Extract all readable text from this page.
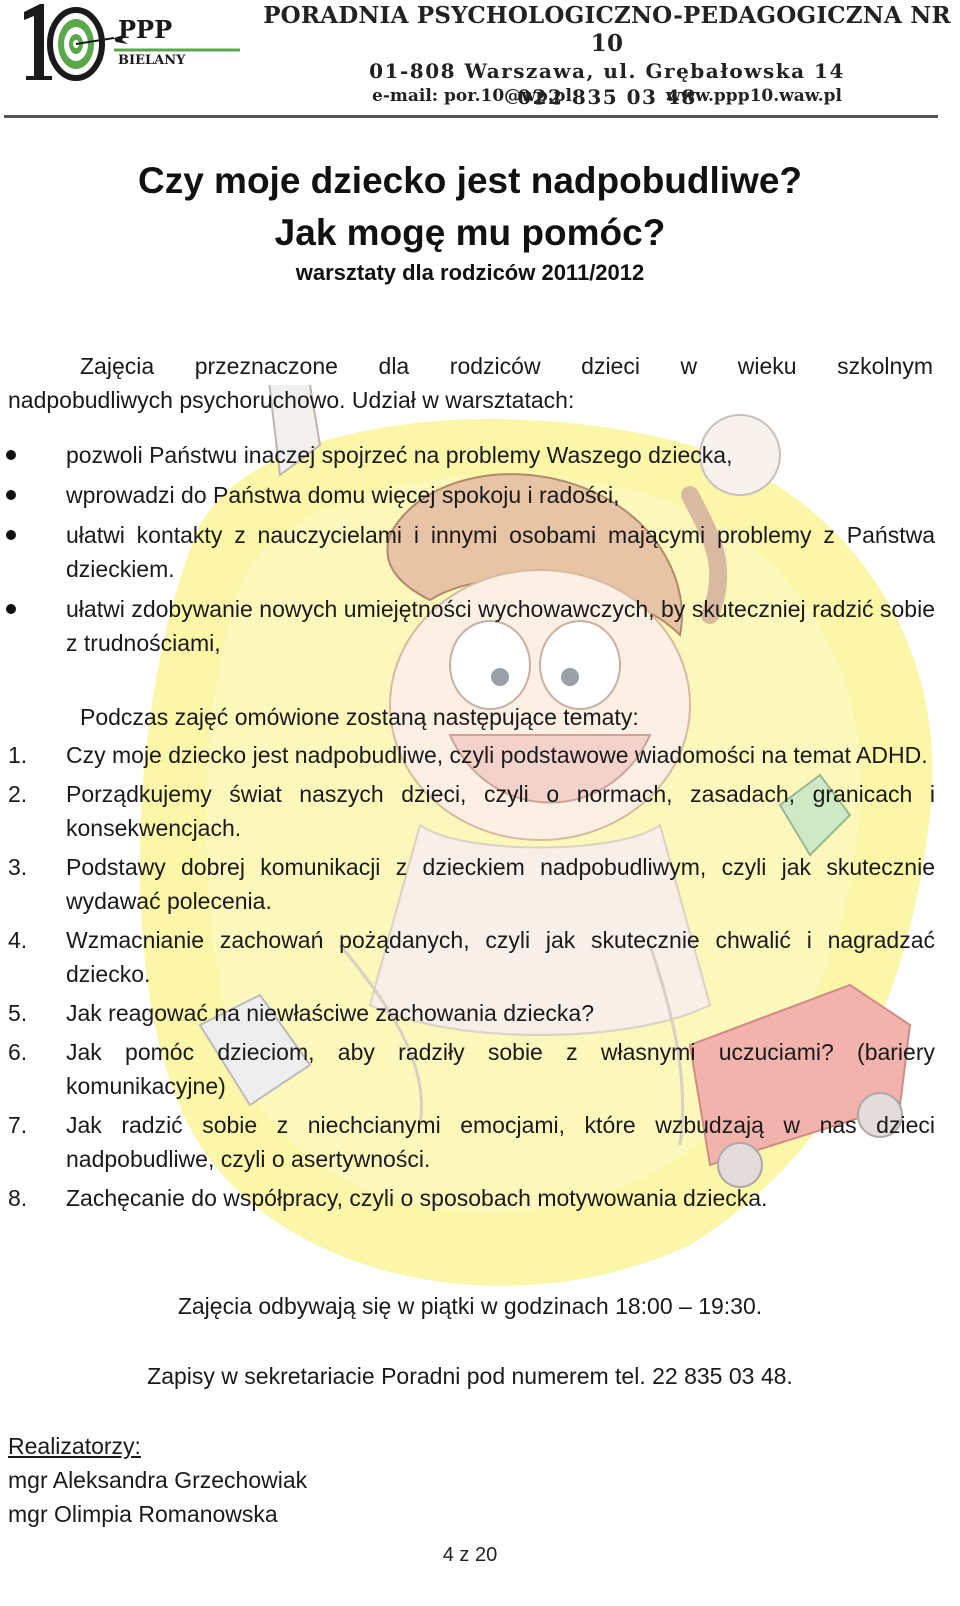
PPP
BIELANY
PORADNIA PSYCHOLOGICZNO-PEDAGOGICZNA NR 10
01-808 Warszawa, ul. Grębałowska 14
022 835 03 48
e-mail: por.10@wp.pl	www.ppp10.waw.pl
Czy moje dziecko jest nadpobudliwe?
Jak mogę mu pomóc?
warsztaty dla rodziców 2011/2012
Zajęcia przeznaczone dla rodziców dzieci w wieku szkolnym
nadpobudliwych psychoruchowo. Udział w warsztatach:
pozwoli Państwu inaczej spojrzeć na problemy Waszego dziecka,
wprowadzi do Państwa domu więcej spokoju i radości,
ułatwi kontakty z nauczycielami i innymi osobami mającymi problemy z Państwa dzieckiem.
ułatwi zdobywanie nowych umiejętności wychowawczych, by skuteczniej radzić sobie z trudnościami,
Podczas zajęć omówione zostaną następujące tematy:
1. Czy moje dziecko jest nadpobudliwe, czyli podstawowe wiadomości na temat ADHD.
2. Porządkujemy świat naszych dzieci, czyli o normach, zasadach, granicach i konsekwencjach.
3. Podstawy dobrej komunikacji z dzieckiem nadpobudliwym, czyli jak skutecznie wydawać polecenia.
4. Wzmacnianie zachowań pożądanych, czyli jak skutecznie chwalić i nagradzać dziecko.
5. Jak reagować na niewłaściwe zachowania dziecka?
6. Jak pomóc dzieciom, aby radziły sobie z własnymi uczuciami? (bariery komunikacyjne)
7. Jak radzić sobie z niechcianymi emocjami, które wzbudzają w nas dzieci nadpobudliwe, czyli o asertywności.
8. Zachęcanie do współpracy, czyli o sposobach motywowania dziecka.
Zajęcia odbywają się w piątki w godzinach 18:00 – 19:30.
Zapisy w sekretariacie Poradni pod numerem tel. 22 835 03 48.
Realizatorzy:
mgr Aleksandra Grzechowiak
mgr Olimpia Romanowska
4 z 20
